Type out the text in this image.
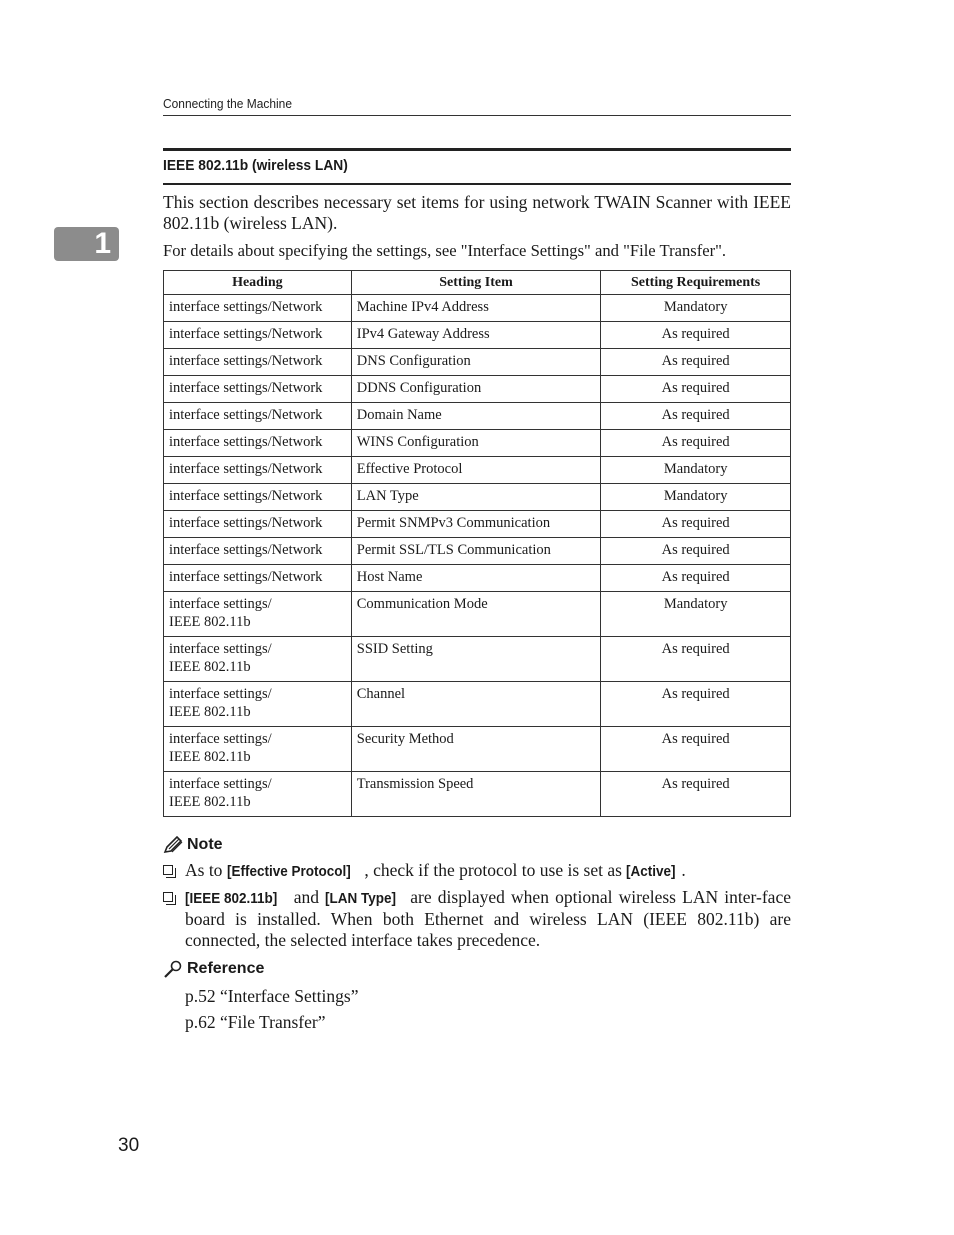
Connecting the Machine
1
IEEE 802.11b (wireless LAN)

This section describes necessary set items for using network TWAIN Scanner with IEEE 802.11b (wireless LAN).

For details about specifying the settings, see "Interface Settings" and "File Transfer".

Heading	Setting Item	Setting Requirements
interface settings/Network	Machine IPv4 Address	Mandatory
interface settings/Network	IPv4 Gateway Address	As required
interface settings/Network	DNS Configuration	As required
interface settings/Network	DDNS Configuration	As required
interface settings/Network	Domain Name	As required
interface settings/Network	WINS Configuration	As required
interface settings/Network	Effective Protocol	Mandatory
interface settings/Network	LAN Type	Mandatory
interface settings/Network	Permit SNMPv3 Communication	As required
interface settings/Network	Permit SSL/TLS Communication	As required
interface settings/Network	Host Name	As required
interface settings/
IEEE 802.11b	Communication Mode	Mandatory
interface settings/
IEEE 802.11b	SSID Setting	As required
interface settings/
IEEE 802.11b	Channel	As required
interface settings/
IEEE 802.11b	Security Method	As required
interface settings/
IEEE 802.11b	Transmission Speed	As required
Note
As to [Effective Protocol] , check if the protocol to use is set as [Active] .
[IEEE 802.11b] and [LAN Type] are displayed when optional wireless LAN inter-face board is installed. When both Ethernet and wireless LAN (IEEE 802.11b) are connected, the selected interface takes precedence.
Reference
p.52 “Interface Settings”
p.62 “File Transfer”
30
